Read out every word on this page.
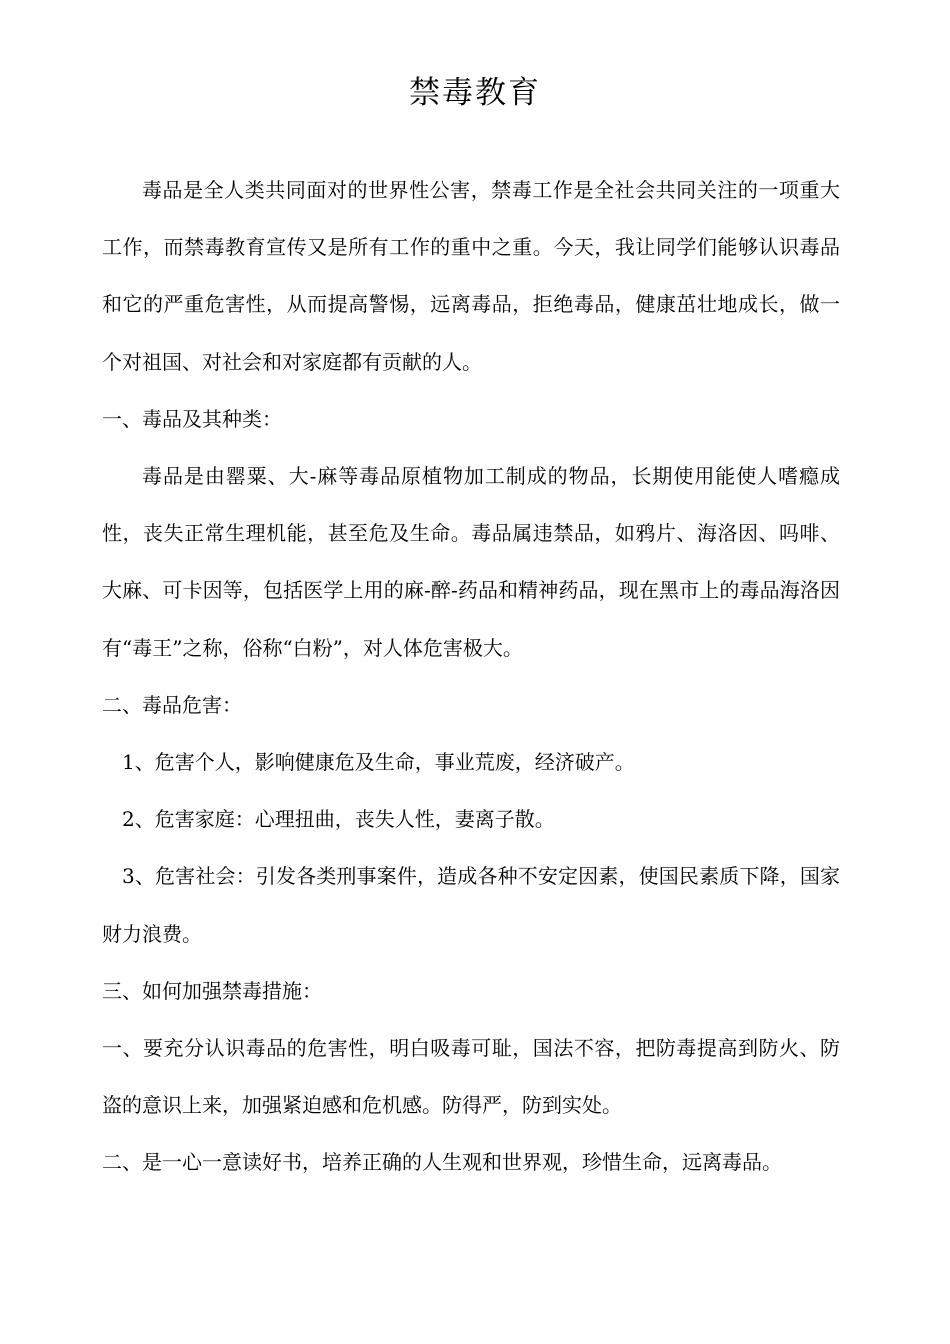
禁毒教育

毒品是全人类共同面对的世界性公害，禁毒工作是全社会共同关注的一项重大工作，而禁毒教育宣传又是所有工作的重中之重。今天，我让同学们能够认识毒品和它的严重危害性，从而提高警惕，远离毒品，拒绝毒品，健康茁壮地成长，做一个对祖国、对社会和对家庭都有贡献的人。

一、毒品及其种类：

毒品是由罂粟、大-麻等毒品原植物加工制成的物品，长期使用能使人嗜瘾成性，丧失正常生理机能，甚至危及生命。毒品属违禁品，如鸦片、海洛因、吗啡、大麻、可卡因等，包括医学上用的麻-醉-药品和精神药品，现在黑市上的毒品海洛因有“毒王”之称，俗称“白粉”，对人体危害极大。

二、毒品危害：

1、危害个人，影响健康危及生命，事业荒废，经济破产。

2、危害家庭：心理扭曲，丧失人性，妻离子散。

3、危害社会：引发各类刑事案件，造成各种不安定因素，使国民素质下降，国家财力浪费。

三、如何加强禁毒措施：

一、要充分认识毒品的危害性，明白吸毒可耻，国法不容，把防毒提高到防火、防盗的意识上来，加强紧迫感和危机感。防得严，防到实处。

二、是一心一意读好书，培养正确的人生观和世界观，珍惜生命，远离毒品。
